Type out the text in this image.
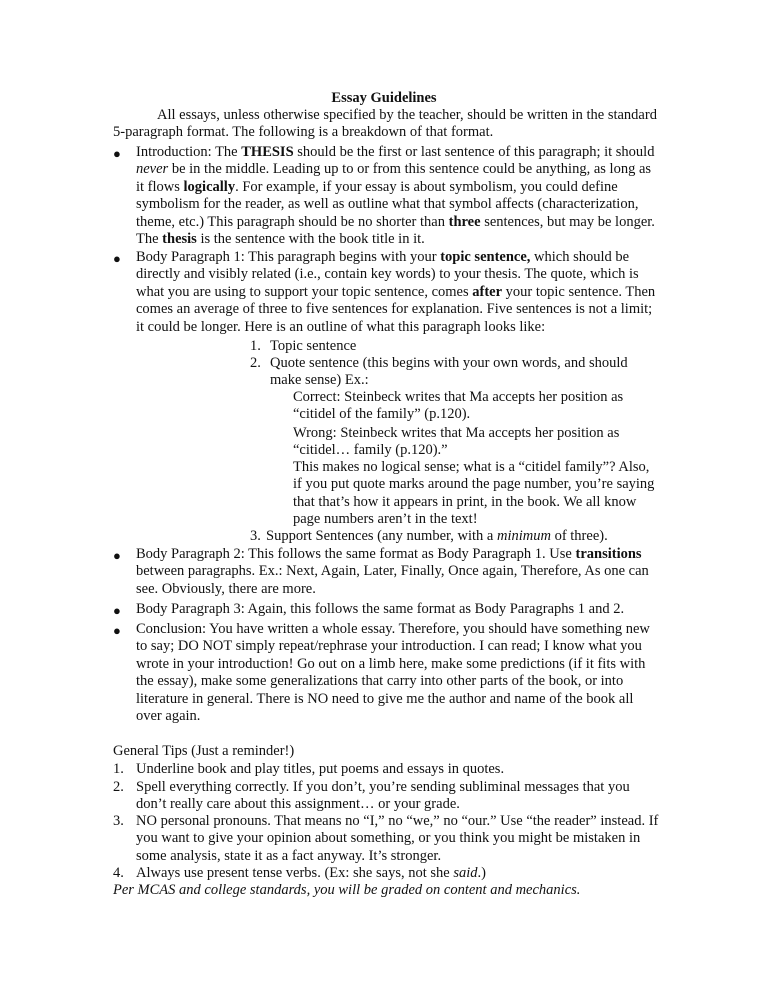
Essay Guidelines

All essays, unless otherwise specified by the teacher, should be written in the standard 5-paragraph format. The following is a breakdown of that format.

● Introduction: The THESIS should be the first or last sentence of this paragraph; it should never be in the middle. Leading up to or from this sentence could be anything, as long as it flows logically. For example, if your essay is about symbolism, you could define symbolism for the reader, as well as outline what that symbol affects (characterization, theme, etc.) This paragraph should be no shorter than three sentences, but may be longer. The thesis is the sentence with the book title in it.

● Body Paragraph 1: This paragraph begins with your topic sentence, which should be directly and visibly related (i.e., contain key words) to your thesis. The quote, which is what you are using to support your topic sentence, comes after your topic sentence. Then comes an average of three to five sentences for explanation. Five sentences is not a limit; it could be longer. Here is an outline of what this paragraph looks like:

1. Topic sentence
2. Quote sentence (this begins with your own words, and should make sense) Ex.:

Correct: Steinbeck writes that Ma accepts her position as “citidel of the family” (p.120).

Wrong: Steinbeck writes that Ma accepts her position as “citidel… family (p.120).”

This makes no logical sense; what is a “citidel family”? Also, if you put quote marks around the page number, you’re saying that that’s how it appears in print, in the book. We all know page numbers aren’t in the text!

3. Support Sentences (any number, with a minimum of three).
● Body Paragraph 2: This follows the same format as Body Paragraph 1. Use transitions between paragraphs. Ex.: Next, Again, Later, Finally, Once again, Therefore, As one can see. Obviously, there are more.

● Body Paragraph 3: Again, this follows the same format as Body Paragraphs 1 and 2.

● Conclusion: You have written a whole essay. Therefore, you should have something new to say; DO NOT simply repeat/rephrase your introduction. I can read; I know what you wrote in your introduction! Go out on a limb here, make some predictions (if it fits with the essay), make some generalizations that carry into other parts of the book, or into literature in general. There is NO need to give me the author and name of the book all over again.

General Tips (Just a reminder!)

1. Underline book and play titles, put poems and essays in quotes.

2. Spell everything correctly. If you don’t, you’re sending subliminal messages that you don’t really care about this assignment… or your grade.

3. NO personal pronouns. That means no “I,” no “we,” no “our.” Use “the reader” instead. If you want to give your opinion about something, or you think you might be mistaken in some analysis, state it as a fact anyway. It’s stronger.

4. Always use present tense verbs. (Ex: she says, not she said.)

Per MCAS and college standards, you will be graded on content and mechanics.
